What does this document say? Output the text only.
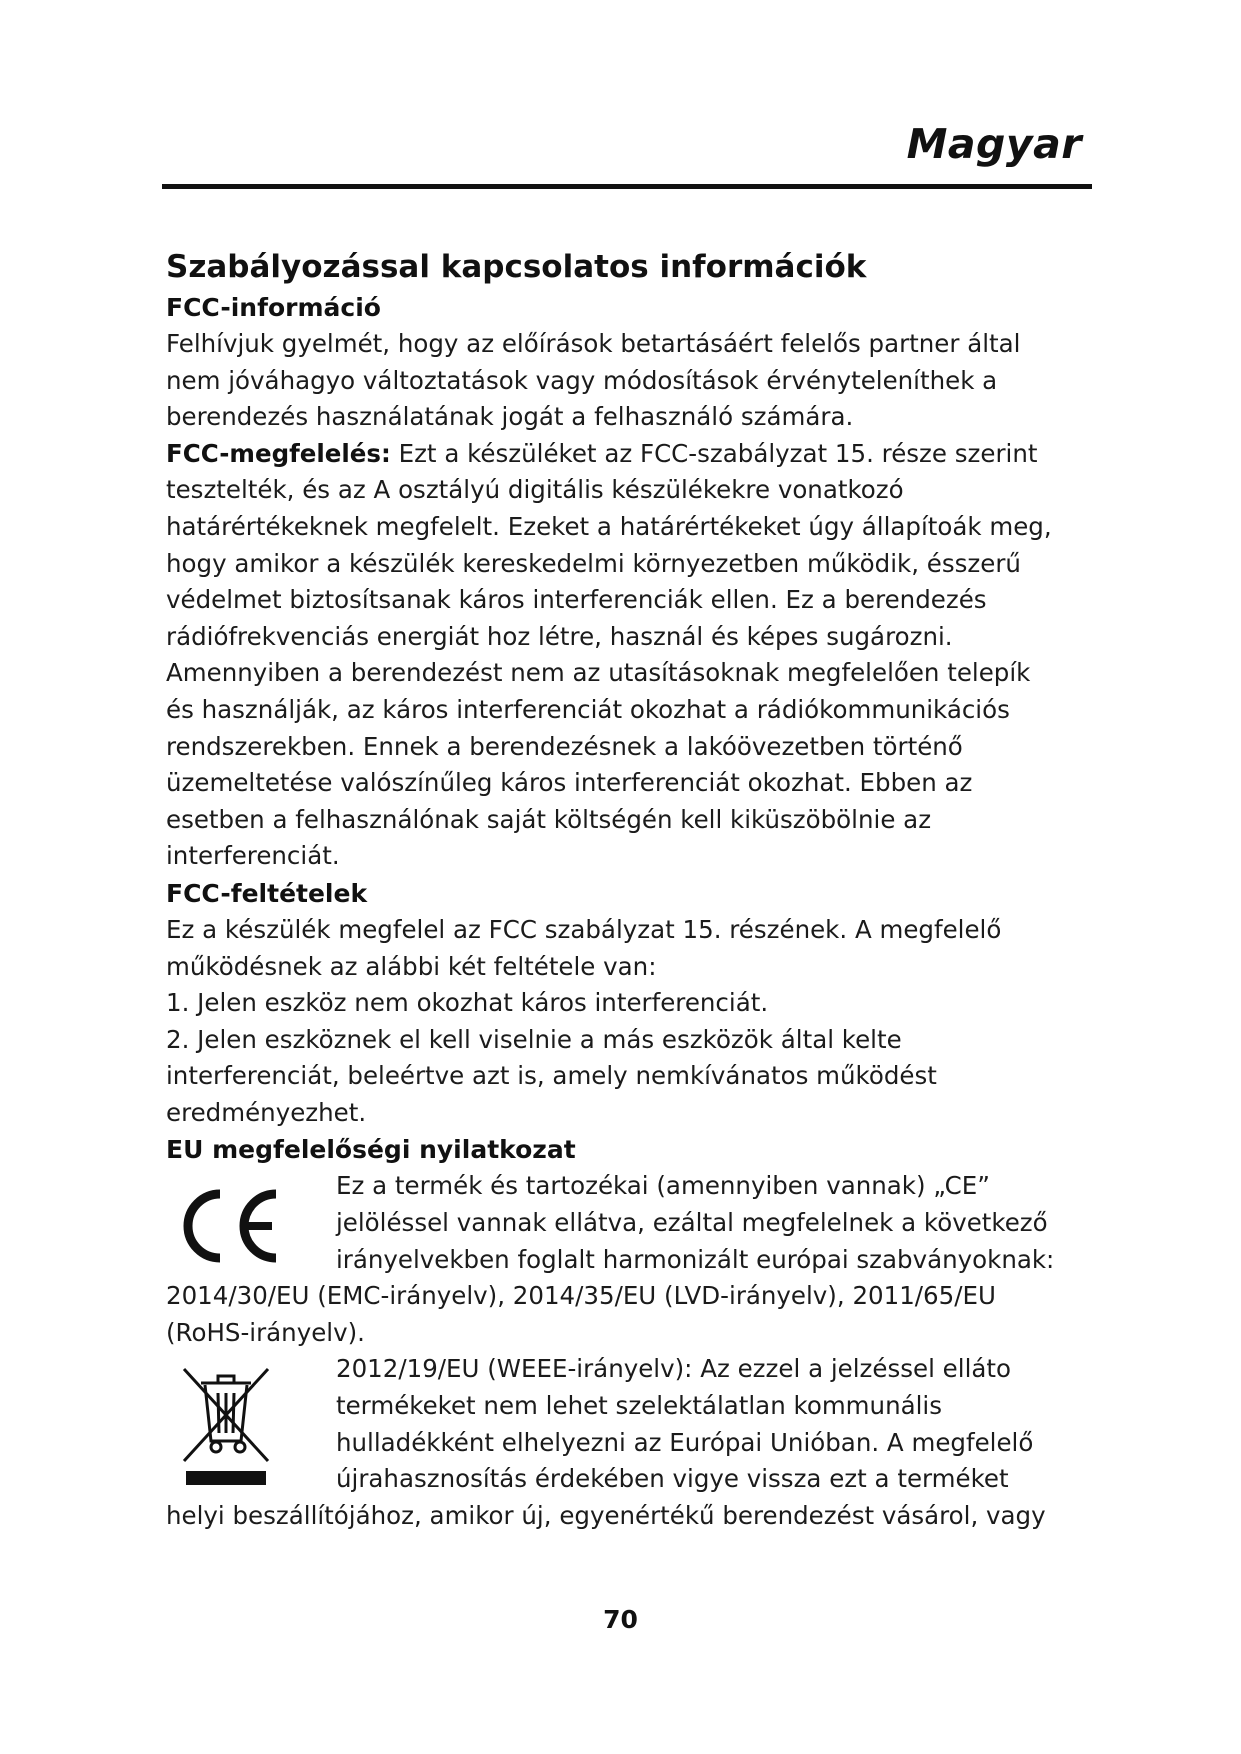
Magyar
Szabályozással kapcsolatos információk
FCC-információ

Felhívjuk gyelmét, hogy az előírások betartásáért felelős partner által

nem jóváhagyo változtatások vagy módosítások érvényteleníthek a

berendezés használatának jogát a felhasználó számára.

FCC-megfelelés: Ezt a készüléket az FCC-szabályzat 15. része szerint

tesztelték, és az A osztályú digitális készülékekre vonatkozó

határértékeknek megfelelt. Ezeket a határértékeket úgy állapítoák meg,

hogy amikor a készülék kereskedelmi környezetben működik, ésszerű

védelmet biztosítsanak káros interferenciák ellen. Ez a berendezés

rádiófrekvenciás energiát hoz létre, használ és képes sugározni.

Amennyiben a berendezést nem az utasításoknak megfelelően telepík

és használják, az káros interferenciát okozhat a rádiókommunikációs

rendszerekben. Ennek a berendezésnek a lakóövezetben történő

üzemeltetése valószínűleg káros interferenciát okozhat. Ebben az

esetben a felhasználónak saját költségén kell kiküszöbölnie az

interferenciát.

FCC-feltételek

Ez a készülék megfelel az FCC szabályzat 15. részének. A megfelelő

működésnek az alábbi két feltétele van:

1. Jelen eszköz nem okozhat káros interferenciát.

2. Jelen eszköznek el kell viselnie a más eszközök által kelte

interferenciát, beleértve azt is, amely nemkívánatos működést

eredményezhet.

EU megfelelőségi nyilatkozat

Ez a termék és tartozékai (amennyiben vannak) „CE”

jelöléssel vannak ellátva, ezáltal megfelelnek a következő

irányelvekben foglalt harmonizált európai szabványoknak:

2014/30/EU (EMC-irányelv), 2014/35/EU (LVD-irányelv), 2011/65/EU

(RoHS-irányelv).

2012/19/EU (WEEE-irányelv): Az ezzel a jelzéssel elláto

termékeket nem lehet szelektálatlan kommunális

hulladékként elhelyezni az Európai Unióban. A megfelelő

újrahasznosítás érdekében vigye vissza ezt a terméket

helyi beszállítójához, amikor új, egyenértékű berendezést vásárol, vagy

70
